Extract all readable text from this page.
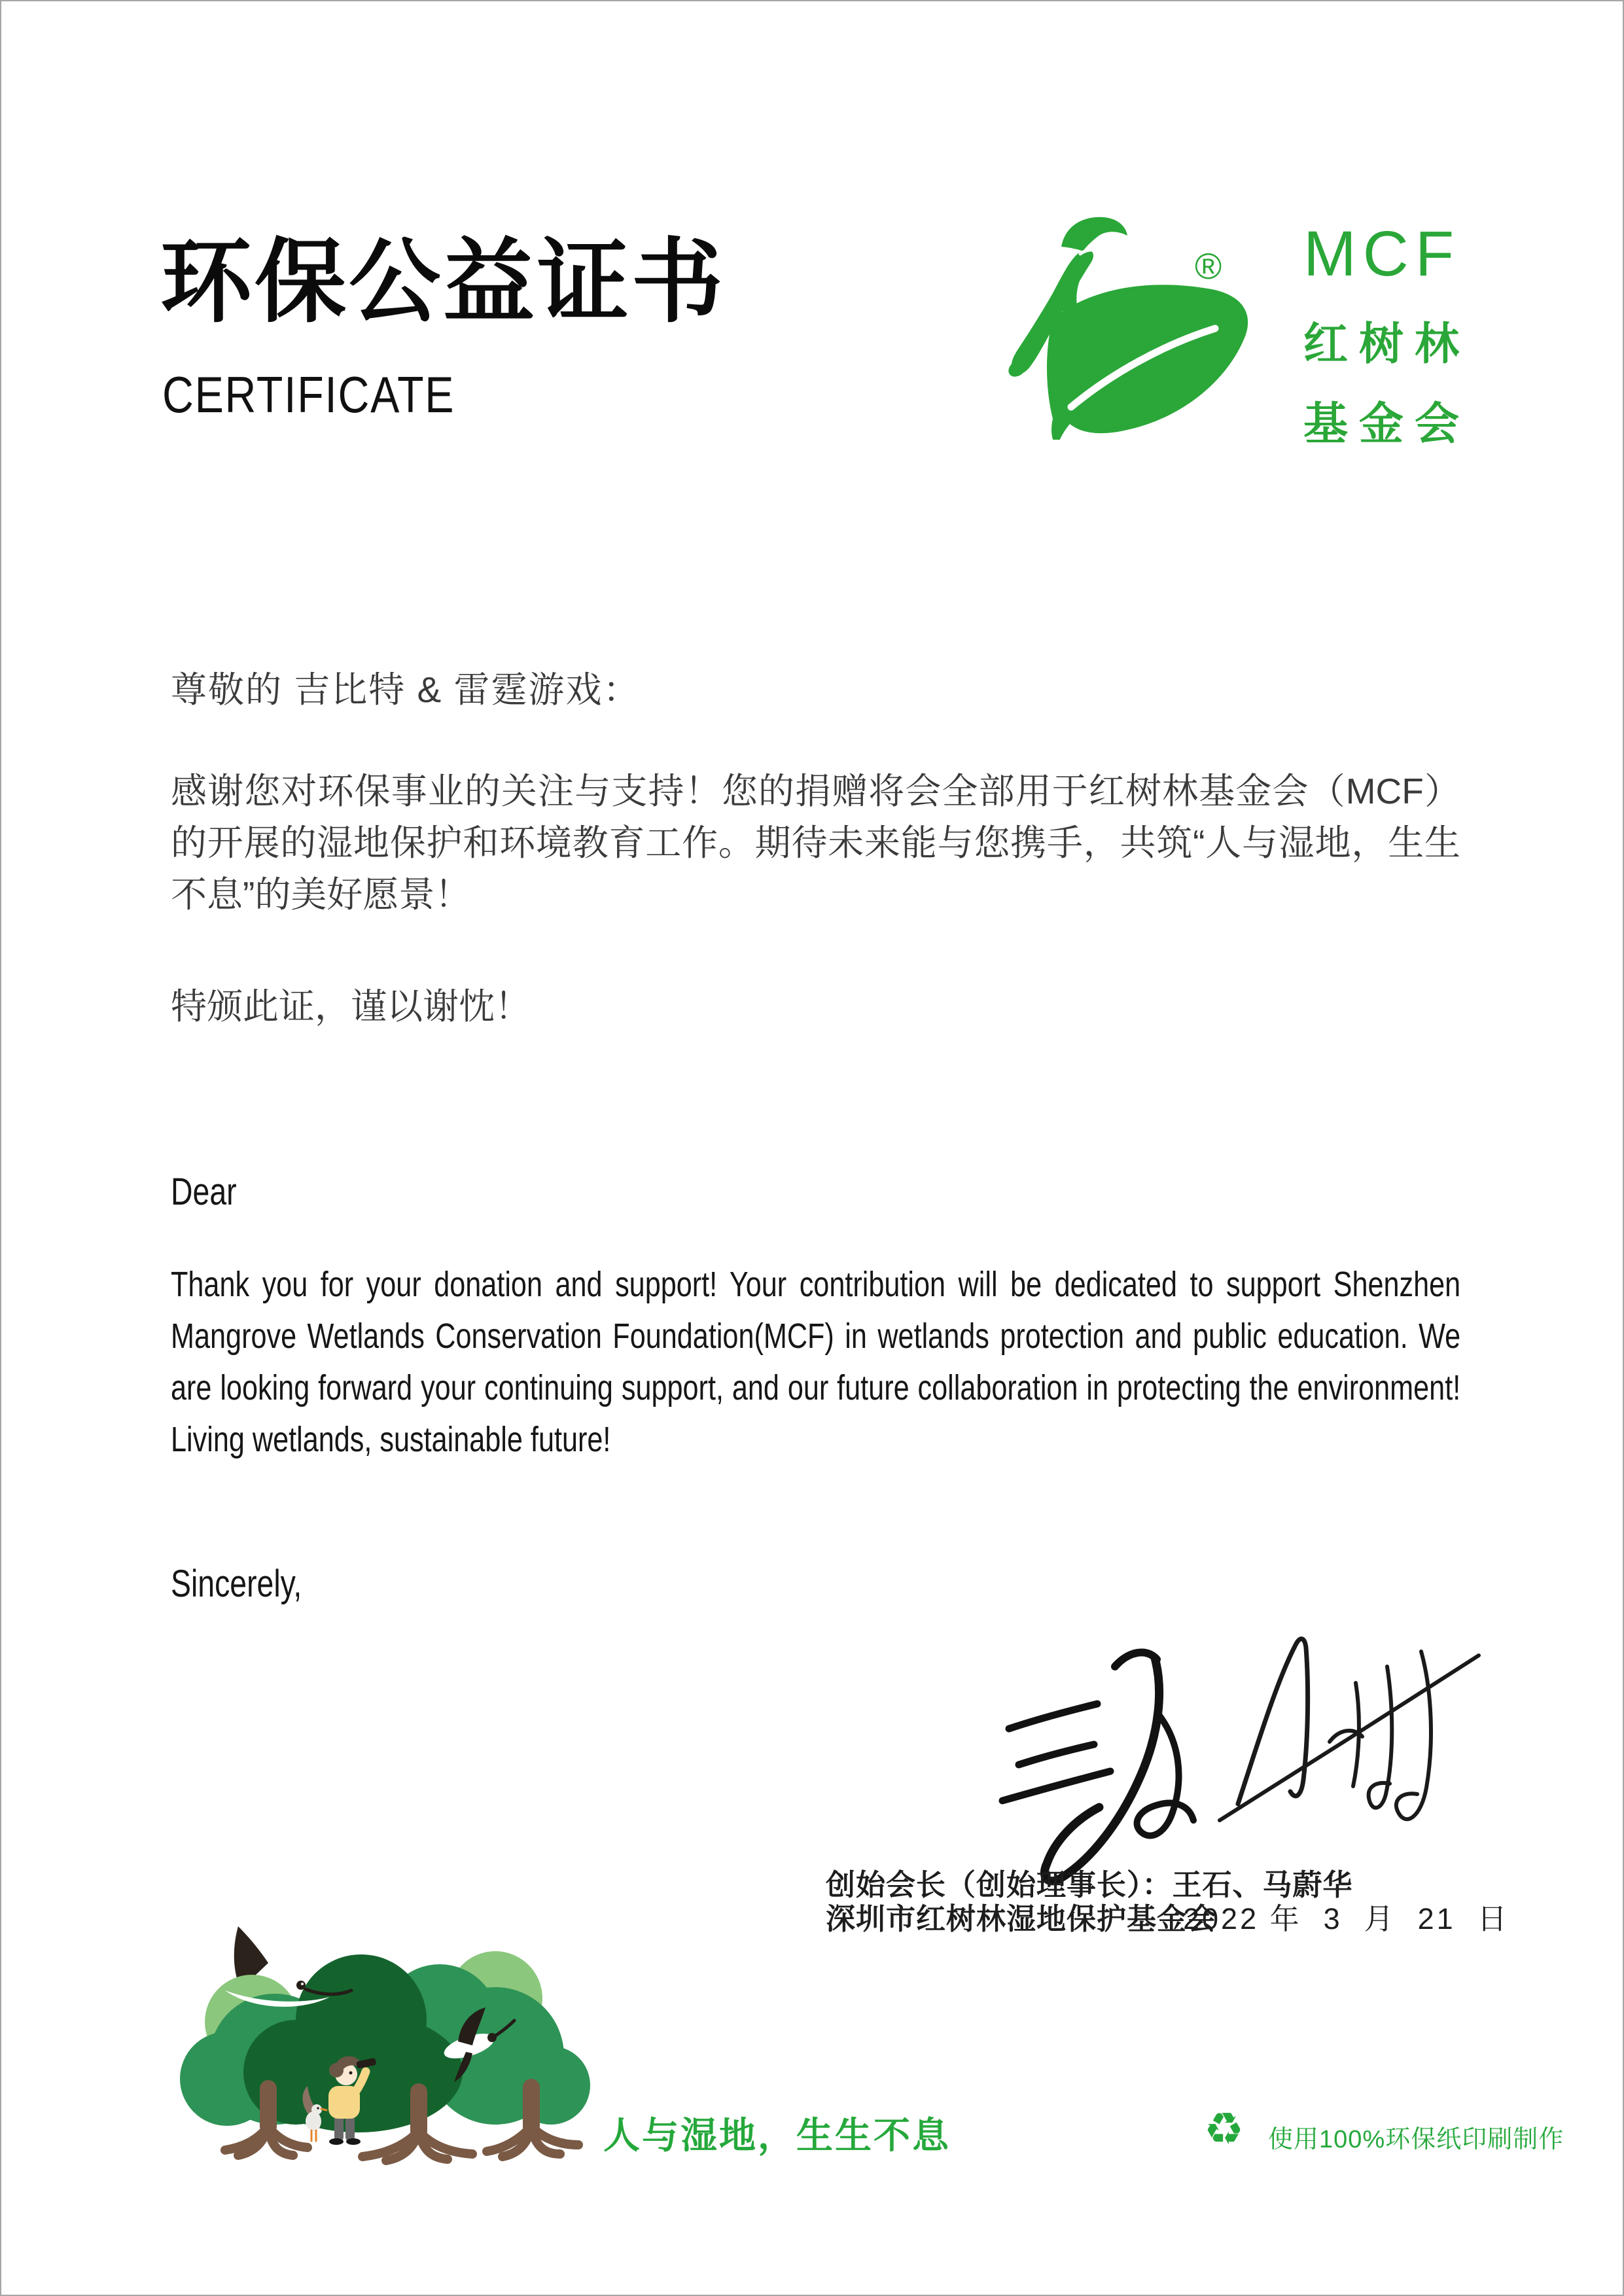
环保公益证书
CERTIFICATE
® MCF
红树林
基金会
尊敬的 吉比特 & 雷霆游戏：
感谢您对环保事业的关注与支持！您的捐赠将会全部用于红树林基金会（MCF）的开展的湿地保护和环境教育工作。期待未来能与您携手，共筑“人与湿地，生生不息”的美好愿景！
特颁此证，谨以谢忱！
Dear
Thank you for your donation and support! Your contribution will be dedicated to support Shenzhen Mangrove Wetlands Conservation Foundation(MCF) in wetlands protection and public education. We are looking forward your continuing support, and our future collaboration in protecting the environment! Living wetlands, sustainable future!
Sincerely,
创始会长（创始理事长）：王石、马蔚华
深圳市红树林湿地保护基金会
2022 年  3  月  21  日
人与湿地，生生不息	♻ 使用100%环保纸印刷制作
